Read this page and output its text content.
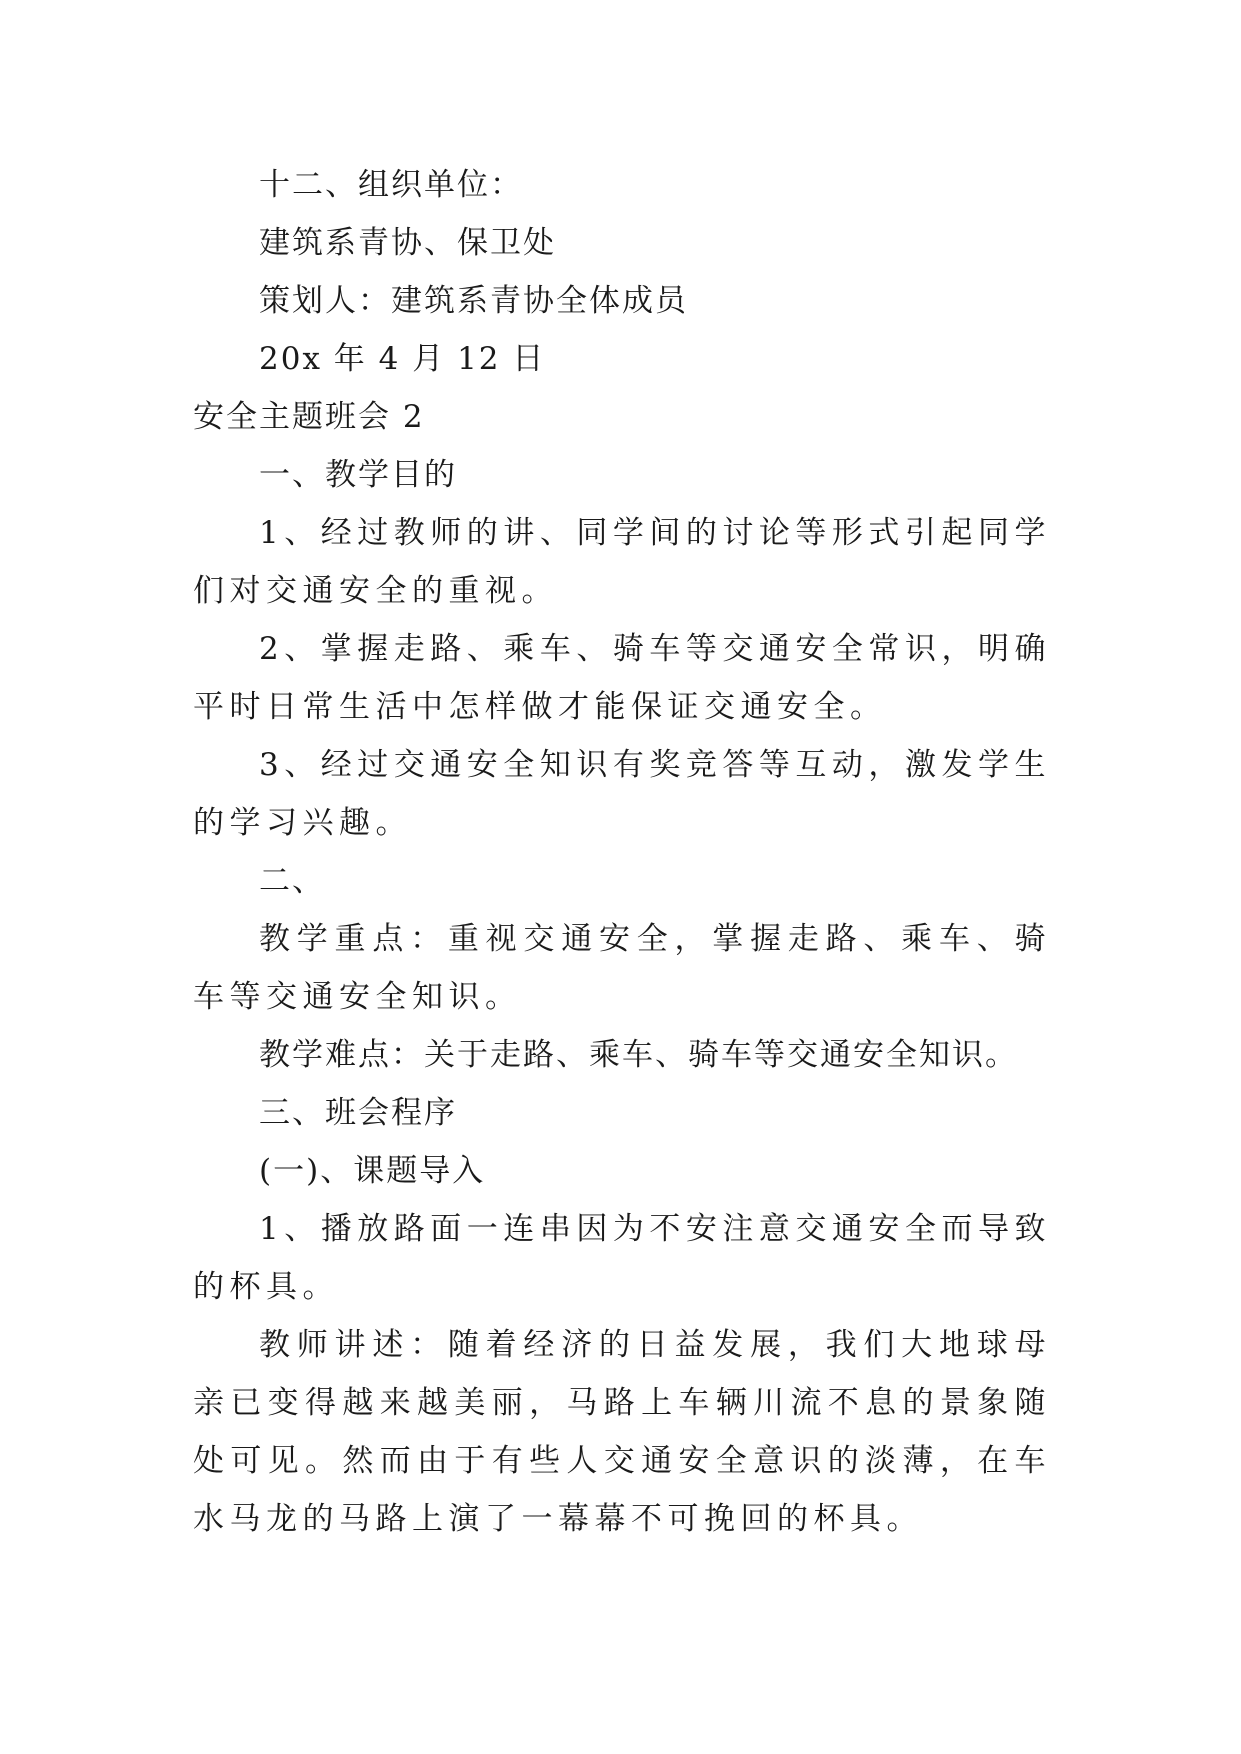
十二、组织单位：

建筑系青协、保卫处

策划人：建筑系青协全体成员

20x 年 4 月 12 日

安全主题班会 2

一、教学目的

1、经过教师的讲、同学间的讨论等形式引起同学们对交通安全的重视。

2、掌握走路、乘车、骑车等交通安全常识，明确平时日常生活中怎样做才能保证交通安全。

3、经过交通安全知识有奖竞答等互动，激发学生的学习兴趣。

二、

教学重点：重视交通安全，掌握走路、乘车、骑车等交通安全知识。

教学难点：关于走路、乘车、骑车等交通安全知识。

三、班会程序

(一)、课题导入

1、播放路面一连串因为不安注意交通安全而导致的杯具。

教师讲述：随着经济的日益发展，我们大地球母亲已变得越来越美丽，马路上车辆川流不息的景象随处可见。然而由于有些人交通安全意识的淡薄，在车水马龙的马路上演了一幕幕不可挽回的杯具。
